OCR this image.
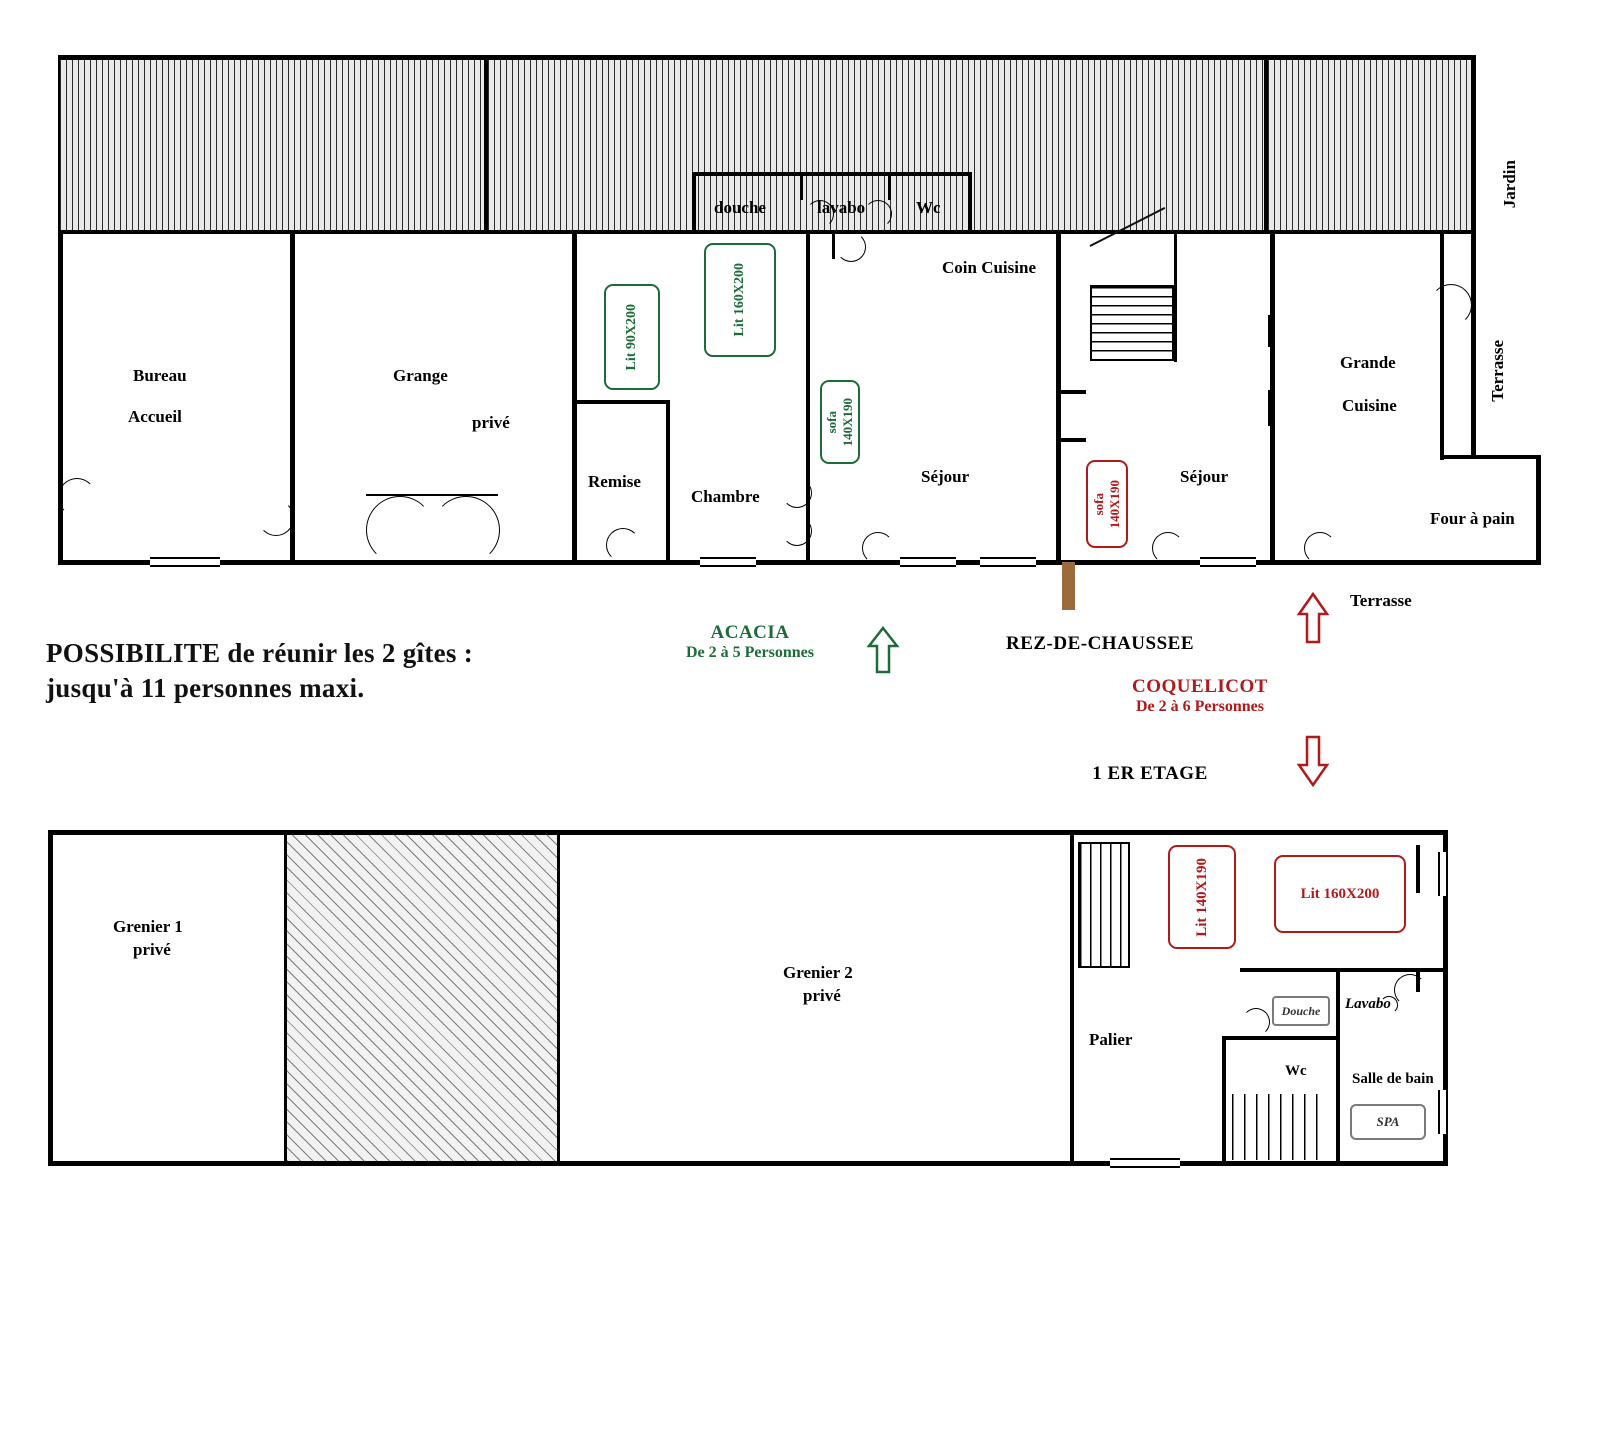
Lit 90X200
Lit 160X200
sofa 140X190
sofa 140X190
Bureau
Accueil
Grange
privé
Remise
Chambre
douche	lavabo	Wc
Coin Cuisine
Séjour	Séjour
Grande
Cuisine
Four à pain
Terrasse
Jardin
Terrasse
ACACIA
De 2 à 5 Personnes	REZ-DE-CHAUSSEE
COQUELICOT
De 2 à 6 Personnes
1 ER ETAGE
POSSIBILITE de réunir les 2 gîtes : jusqu'à 11 personnes maxi.
Lit 140X190	Lit 160X200
Douche
SPA
Grenier 1
privé
Grenier 2
privé
Palier
Lavabo
Wc	Salle de bain
